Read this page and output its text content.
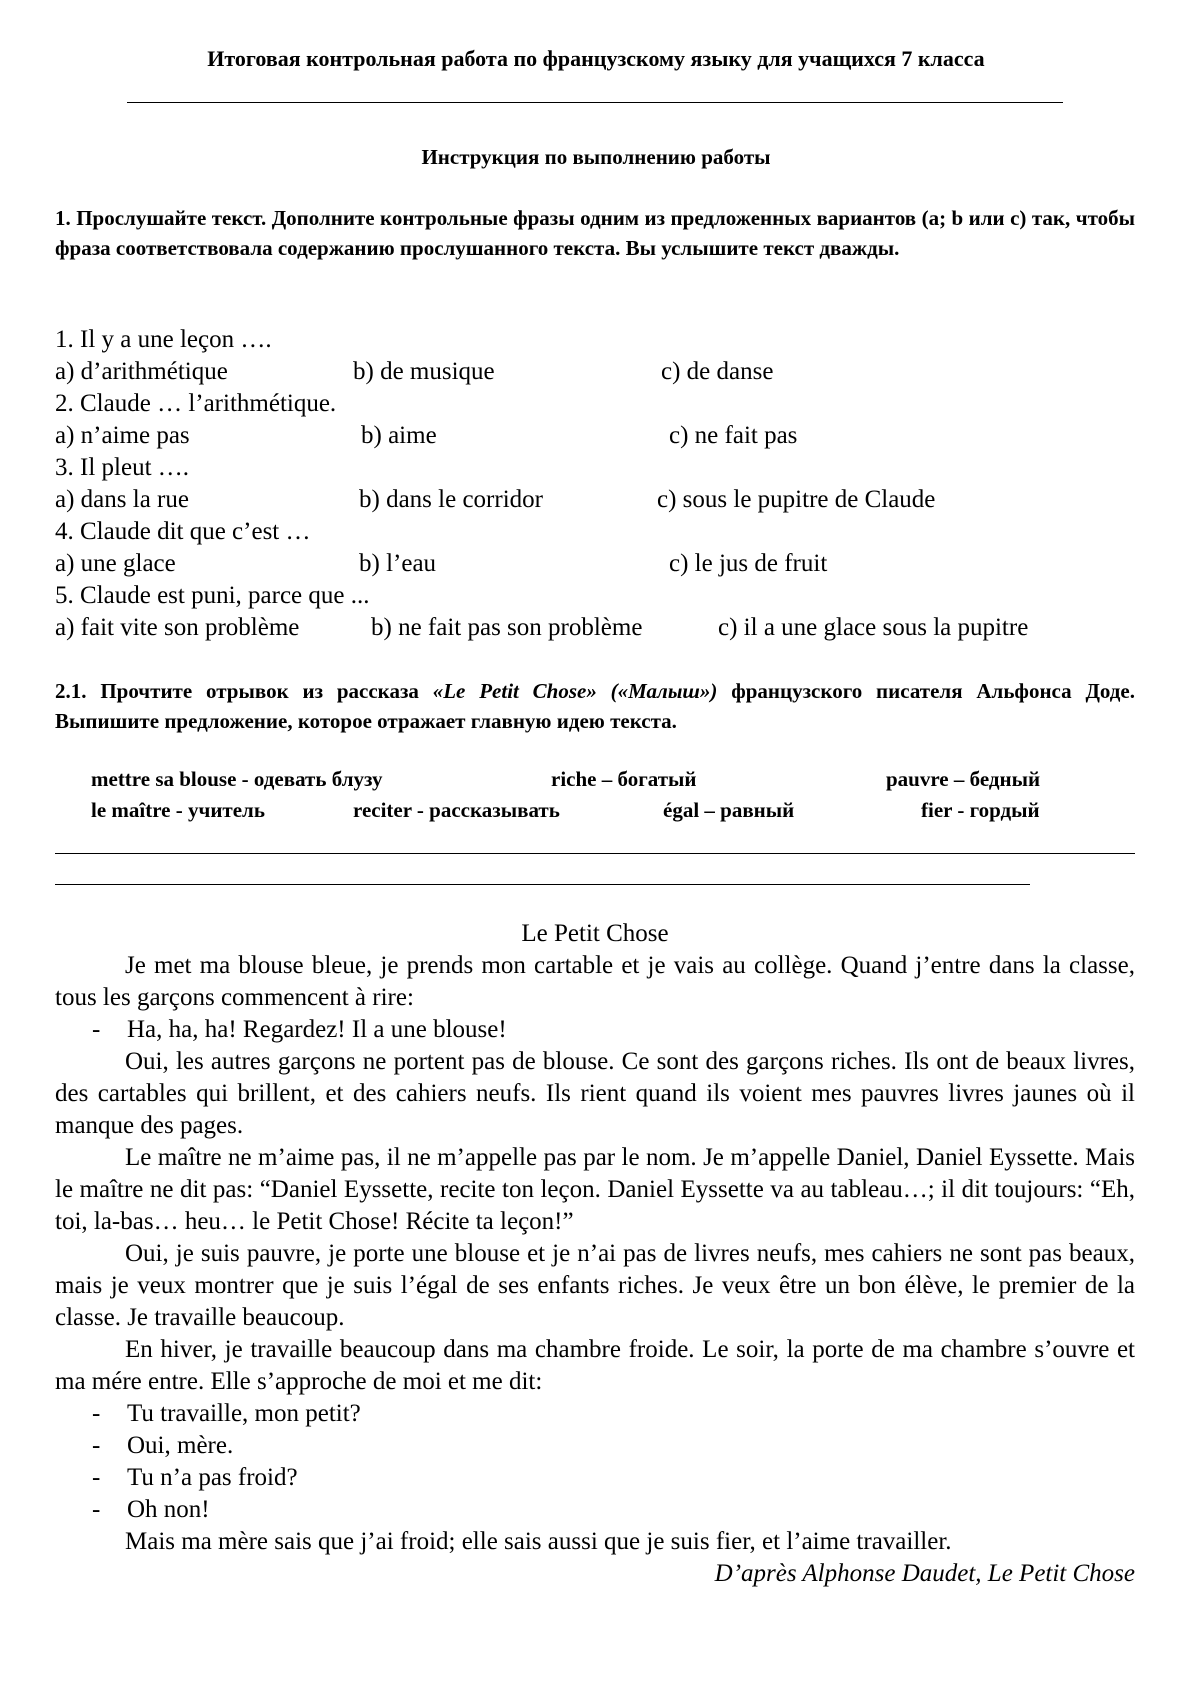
Итоговая контрольная работа по французскому языку для учащихся 7 класса
Инструкция по выполнению работы
1. Прослушайте текст. Дополните контрольные фразы одним из предложенных вариантов (a; b или c) так, чтобы фраза соответствовала содержанию прослушанного текста. Вы услышите текст дважды.
1. Il y a une leçon ….
a) d’arithmétique	b) de musique	c) de danse
2. Claude … l’arithmétique.
a) n’aime pas	b) aime	c) ne fait pas
3. Il pleut ….
a) dans la rue	b) dans le corridor	c) sous le pupitre de Claude
4. Claude dit que c’est …
a) une glace	b) l’eau	c) le jus de fruit
5. Claude est puni, parce que ...
a) fait vite son problème	b) ne fait pas son problème	c) il a une glace sous la pupitre
2.1. Прочтите отрывок из рассказа «Le Petit Chose» («Малыш») французского писателя Альфонса Доде. Выпишите предложение, которое отражает главную идею текста.
mettre sa blouse - одевать блузу	riche – богатый	pauvre – бедный
le maître - учитель	reciter - рассказывать	égal – равный	fier - гордый

Le Petit Chose

Je met ma blouse bleue, je prends mon cartable et je vais au collège. Quand j’entre dans la classe, tous les garçons commencent à rire:

- Ha, ha, ha! Regardez! Il a une blouse!

Oui, les autres garçons ne portent pas de blouse. Ce sont des garçons riches. Ils ont de beaux livres, des cartables qui brillent, et des cahiers neufs. Ils rient quand ils voient mes pauvres livres jaunes où il manque des pages.

Le maître ne m’aime pas, il ne m’appelle pas par le nom. Je m’appelle Daniel, Daniel Eyssette. Mais le maître ne dit pas: “Daniel Eyssette, recite ton leçon. Daniel Eyssette va au tableau…; il dit toujours: “Eh, toi, la-bas… heu… le Petit Chose! Récite ta leçon!”

Oui, je suis pauvre, je porte une blouse et je n’ai pas de livres neufs, mes cahiers ne sont pas beaux, mais je veux montrer que je suis l’égal de ses enfants riches. Je veux être un bon élève, le premier de la classe. Je travaille beaucoup.

En hiver, je travaille beaucoup dans ma chambre froide. Le soir, la porte de ma chambre s’ouvre et ma mére entre. Elle s’approche de moi et me dit:

- Tu travaille, mon petit?

- Oui, mère.

- Tu n’a pas froid?

- Oh non!

Mais ma mère sais que j’ai froid; elle sais aussi que je suis fier, et l’aime travailler.

D’après Alphonse Daudet, Le Petit Chose
